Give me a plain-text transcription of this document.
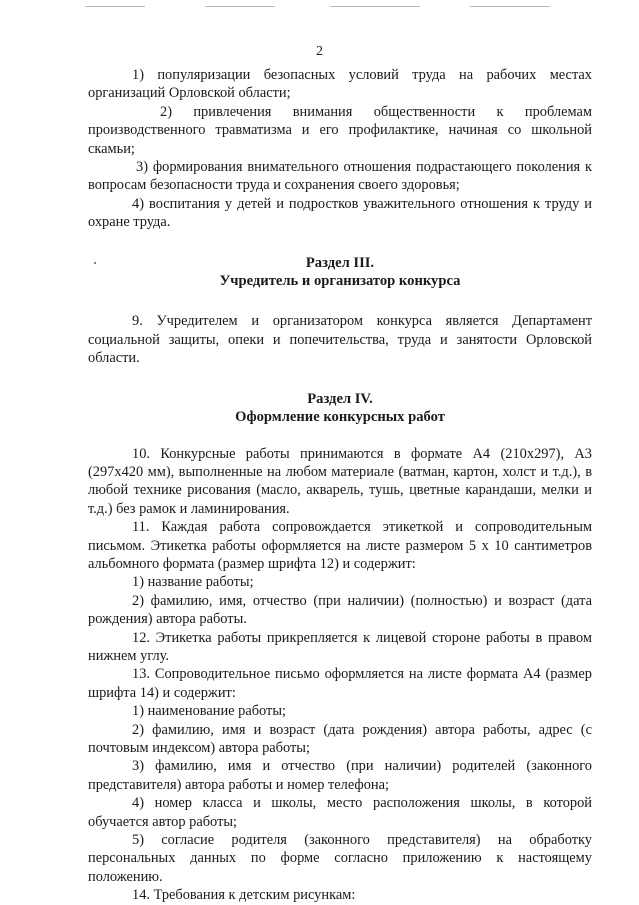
2

1) популяризации безопасных условий труда на рабочих местах организаций Орловской области;

2) привлечения внимания общественности к проблемам производственного травматизма и его профилактике, начиная со школьной скамьи;

3) формирования внимательного отношения подрастающего поколения к вопросам безопасности труда и сохранения своего здоровья;

4) воспитания у детей и подростков уважительного отношения к труду и охране труда.

Раздел III.
Учредитель и организатор конкурса

9. Учредителем и организатором конкурса является Департамент социальной защиты, опеки и попечительства, труда и занятости Орловской области.

Раздел IV.
Оформление конкурсных работ

10. Конкурсные работы принимаются в формате А4 (210х297), А3 (297х420 мм), выполненные на любом материале (ватман, картон, холст и т.д.), в любой технике рисования (масло, акварель, тушь, цветные карандаши, мелки и т.д.) без рамок и ламинирования.

11. Каждая работа сопровождается этикеткой и сопроводительным письмом. Этикетка работы оформляется на листе размером 5 х 10 сантиметров альбомного формата (размер шрифта 12) и содержит:

1) название работы;

2) фамилию, имя, отчество (при наличии) (полностью) и возраст (дата рождения) автора работы.

12. Этикетка работы прикрепляется к лицевой стороне работы в правом нижнем углу.

13. Сопроводительное письмо оформляется на листе формата А4 (размер шрифта 14) и содержит:

1) наименование работы;

2) фамилию, имя и возраст (дата рождения) автора работы, адрес (с почтовым индексом) автора работы;

3) фамилию, имя и отчество (при наличии) родителей (законного представителя) автора работы и номер телефона;

4) номер класса и школы, место расположения школы, в которой обучается автор работы;

5) согласие родителя (законного представителя) на обработку персональных данных по форме согласно приложению к настоящему положению.

14. Требования к детским рисункам:
